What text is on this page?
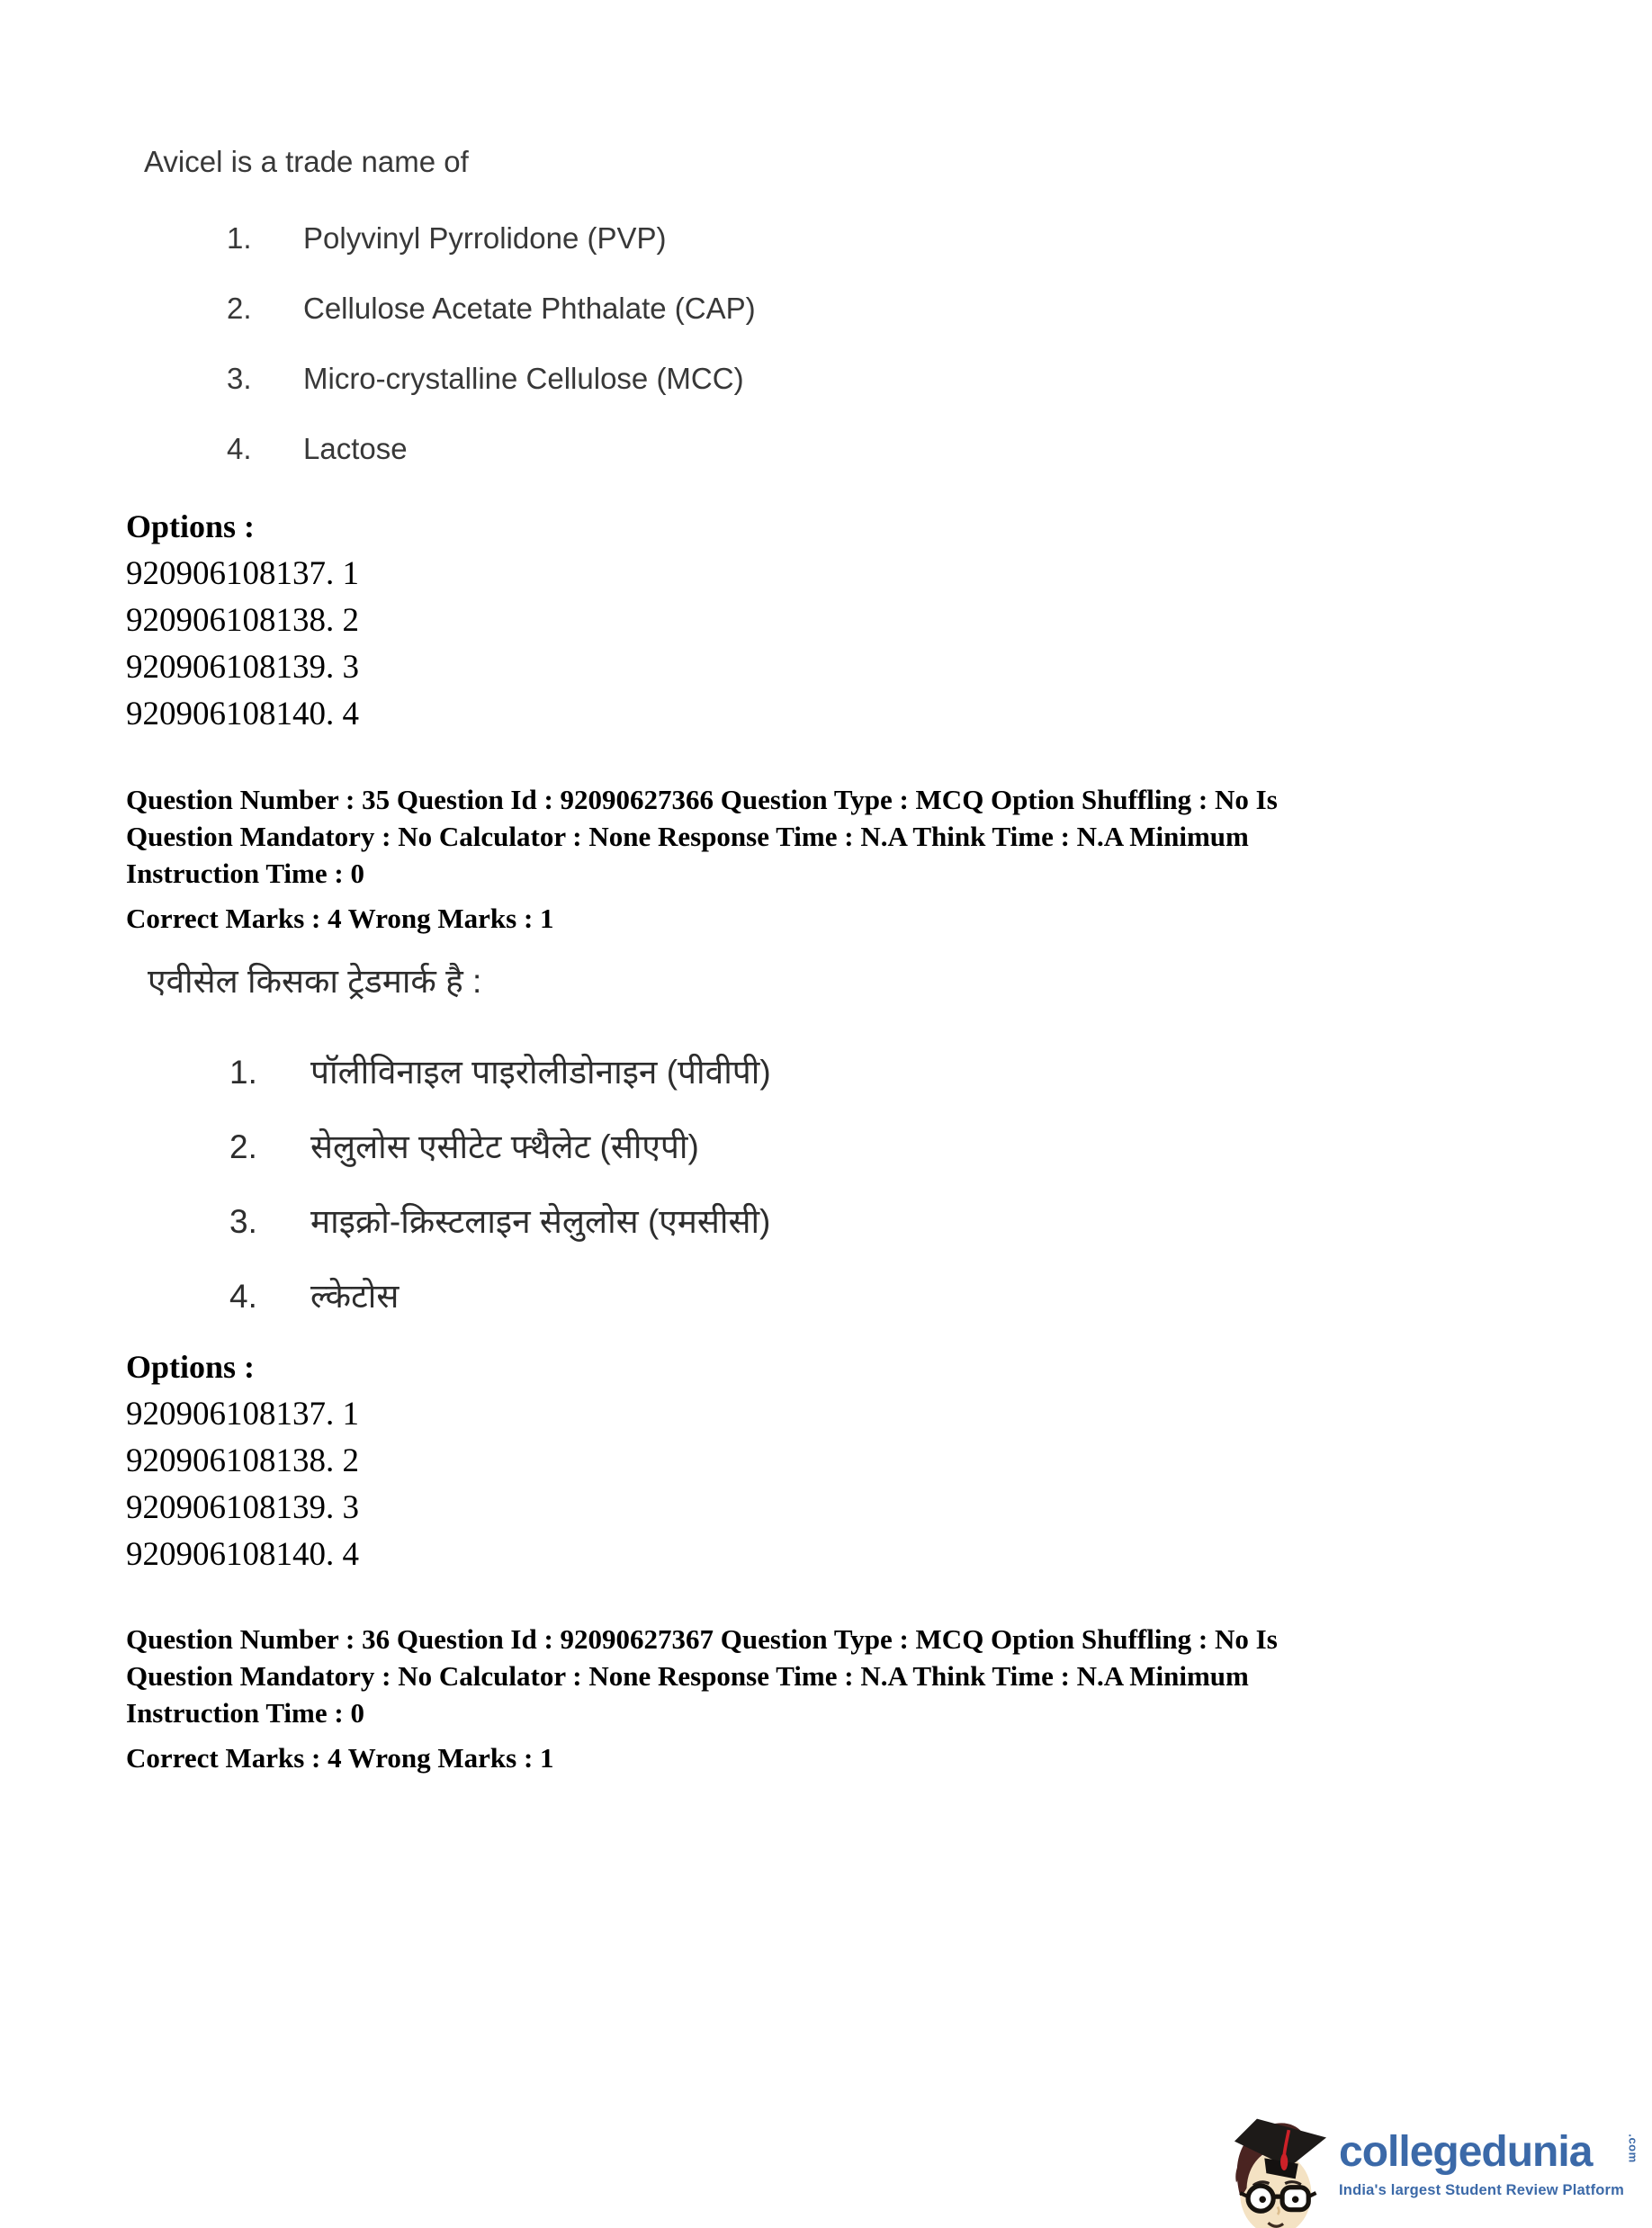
Avicel is a trade name of
1.	Polyvinyl Pyrrolidone (PVP)
2.	Cellulose Acetate Phthalate (CAP)
3.	Micro-crystalline Cellulose (MCC)
4.	Lactose
Options :
920906108137. 1
920906108138. 2
920906108139. 3
920906108140. 4
Question Number : 35 Question Id : 92090627366 Question Type : MCQ Option Shuffling : No Is
Question Mandatory : No Calculator : None Response Time : N.A Think Time : N.A Minimum
Instruction Time : 0
Correct Marks : 4 Wrong Marks : 1
एवीसेल किसका ट्रेडमार्क है :
1.	पॉलीविनाइल पाइरोलीडोनाइन (पीवीपी)
2.	सेलुलोस एसीटेट फ्थैलेट (सीएपी)
3.	माइक्रो-क्रिस्टलाइन सेलुलोस (एमसीसी)
4.	ल्केटोस
Options :
920906108137. 1
920906108138. 2
920906108139. 3
920906108140. 4
Question Number : 36 Question Id : 92090627367 Question Type : MCQ Option Shuffling : No Is
Question Mandatory : No Calculator : None Response Time : N.A Think Time : N.A Minimum
Instruction Time : 0
Correct Marks : 4 Wrong Marks : 1
collegedunia	.com
India's largest Student Review Platform
